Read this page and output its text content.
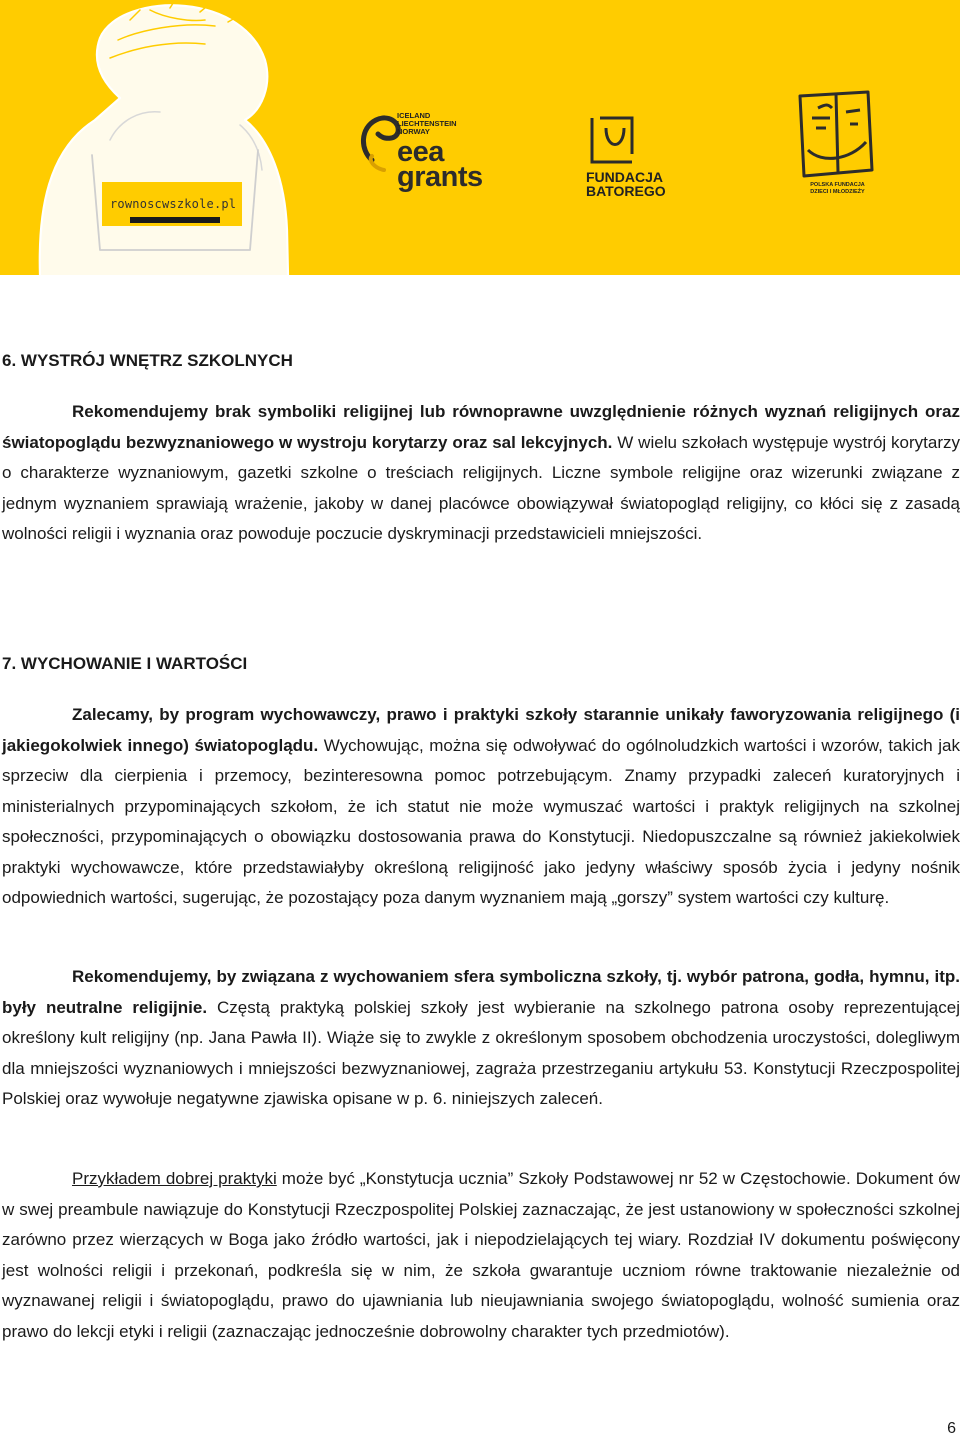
rownoscwszkole.pl
ICELAND
LIECHTENSTEIN
NORWAY
eea
grants	FUNDACJA
BATOREGO	POLSKA FUNDACJA
DZIECI I MŁODZIEŻY
6. WYSTRÓJ WNĘTRZ SZKOLNYCH
Rekomendujemy brak symboliki religijnej lub równoprawne uwzględnienie różnych wyznań religijnych oraz światopoglądu bezwyznaniowego w wystroju korytarzy oraz sal lekcyjnych. W wielu szkołach występuje wystrój korytarzy o charakterze wyznaniowym, gazetki szkolne o treściach religijnych. Liczne symbole religijne oraz wizerunki związane z jednym wyznaniem sprawiają wrażenie, jakoby w danej placówce obowiązywał światopogląd religijny, co kłóci się z zasadą wolności religii i wyznania oraz powoduje poczucie dyskryminacji przedstawicieli mniejszości.
7. WYCHOWANIE I WARTOŚCI
Zalecamy, by program wychowawczy, prawo i praktyki szkoły starannie unikały faworyzowania religijnego (i jakiegokolwiek innego) światopoglądu. Wychowując, można się odwoływać do ogólnoludzkich wartości i wzorów, takich jak sprzeciw dla cierpienia i przemocy, bezinteresowna pomoc potrzebującym. Znamy przypadki zaleceń kuratoryjnych i ministerialnych przypominających szkołom, że ich statut nie może wymuszać wartości i praktyk religijnych na szkolnej społeczności, przypominających o obowiązku dostosowania prawa do Konstytucji. Niedopuszczalne są również jakiekolwiek praktyki wychowawcze, które przedstawiałyby określoną religijność jako jedyny właściwy sposób życia i jedyny nośnik odpowiednich wartości, sugerując, że pozostający poza danym wyznaniem mają „gorszy” system wartości czy kulturę.
Rekomendujemy, by związana z wychowaniem sfera symboliczna szkoły, tj. wybór patrona, godła, hymnu, itp. były neutralne religijnie. Częstą praktyką polskiej szkoły jest wybieranie na szkolnego patrona osoby reprezentującej określony kult religijny (np. Jana Pawła II). Wiąże się to zwykle z określonym sposobem obchodzenia uroczystości, dolegliwym dla mniejszości wyznaniowych i mniejszości bezwyznaniowej, zagraża przestrzeganiu artykułu 53. Konstytucji Rzeczpospolitej Polskiej oraz wywołuje negatywne zjawiska opisane w p. 6. niniejszych zaleceń.
Przykładem dobrej praktyki może być „Konstytucja ucznia” Szkoły Podstawowej nr 52 w Częstochowie. Dokument ów w swej preambule nawiązuje do Konstytucji Rzeczpospolitej Polskiej zaznaczając, że jest ustanowiony w społeczności szkolnej zarówno przez wierzących w Boga jako źródło wartości, jak i niepodzielających tej wiary. Rozdział IV dokumentu poświęcony jest wolności religii i przekonań, podkreśla się w nim, że szkoła gwarantuje uczniom równe traktowanie niezależnie od wyznawanej religii i światopoglądu, prawo do ujawniania lub nieujawniania swojego światopoglądu, wolność sumienia oraz prawo do lekcji etyki i religii (zaznaczając jednocześnie dobrowolny charakter tych przedmiotów).
6
